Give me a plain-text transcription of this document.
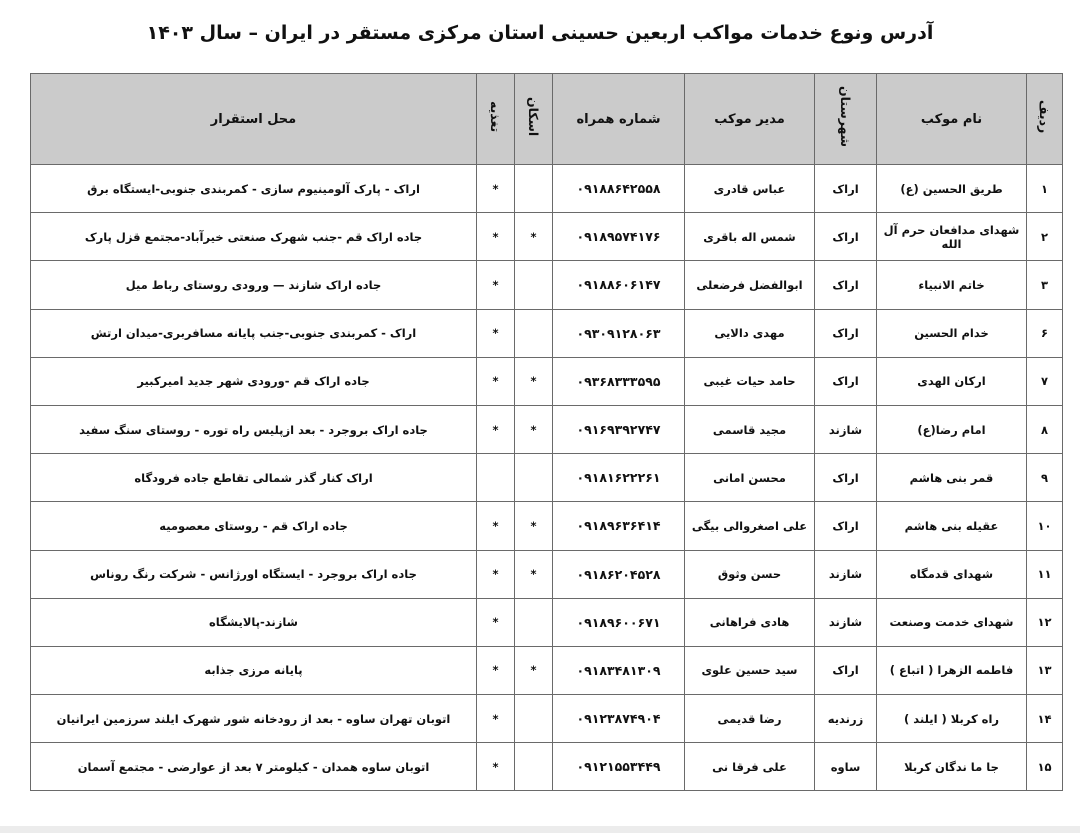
آدرس ونوع خدمات مواکب اربعین حسینی استان مرکزی مستقر در ایران – سال ۱۴۰۳
ردیف	نام موکب	شهرستان	مدیر موکب	شماره همراه	اسکان	تغذیه	محل استقرار
۱	طریق الحسین (ع)	اراک	عباس قادری	۰۹۱۸۸۶۴۲۵۵۸		*	اراک - پارک آلومینیوم سازی - کمربندی جنوبی-ایستگاه برق
۲	شهدای مدافعان حرم آل الله	اراک	شمس اله باقری	۰۹۱۸۹۵۷۴۱۷۶	*	*	جاده اراک قم -جنب شهرک صنعتی خیرآباد-مجتمع قزل پارک
۳	خاتم الانبیاء	اراک	ابوالفضل فرضعلی	۰۹۱۸۸۶۰۶۱۴۷		*	جاده اراک شازند — ورودی روستای رباط میل
۶	خدام الحسین	اراک	مهدی دالایی	۰۹۳۰۹۱۲۸۰۶۳		*	اراک - کمربندی جنوبی-جنب پایانه مسافربری-میدان ارتش
۷	ارکان الهدی	اراک	حامد حیات غیبی	۰۹۳۶۸۳۳۳۵۹۵	*	*	جاده اراک قم -ورودی شهر جدید امیرکبیر
۸	امام رضا(ع)	شازند	مجید قاسمی	۰۹۱۶۹۳۹۲۷۴۷	*	*	جاده اراک بروجرد - بعد ازپلیس راه توره - روستای سنگ سفید
۹	قمر بنی هاشم	اراک	محسن امانی	۰۹۱۸۱۶۲۲۲۶۱			اراک کنار گذر شمالی تقاطع جاده فرودگاه
۱۰	عقیله بنی هاشم	اراک	علی اصغروالی بیگی	۰۹۱۸۹۶۳۶۴۱۴	*	*	جاده اراک قم - روستای معصومیه
۱۱	شهدای قدمگاه	شازند	حسن وثوق	۰۹۱۸۶۲۰۴۵۲۸	*	*	جاده اراک بروجرد - ایستگاه اورژانس - شرکت رنگ روناس
۱۲	شهدای خدمت وصنعت	شازند	هادی فراهانی	۰۹۱۸۹۶۰۰۶۷۱		*	شازند-پالایشگاه
۱۳	فاطمه الزهرا ( اتباع )	اراک	سید حسین علوی	۰۹۱۸۳۴۸۱۳۰۹	*	*	پایانه مرزی جذابه
۱۴	راه کربلا ( ایلند )	زرندیه	رضا قدیمی	۰۹۱۲۳۸۷۴۹۰۴		*	اتوبان تهران ساوه - بعد از رودخانه شور شهرک ایلند سرزمین ایرانیان
۱۵	جا ما ندگان کربلا	ساوه	علی فرقا نی	۰۹۱۲۱۵۵۳۴۴۹		*	اتوبان ساوه همدان - کیلومتر ۷ بعد از عوارضی - مجتمع آسمان
